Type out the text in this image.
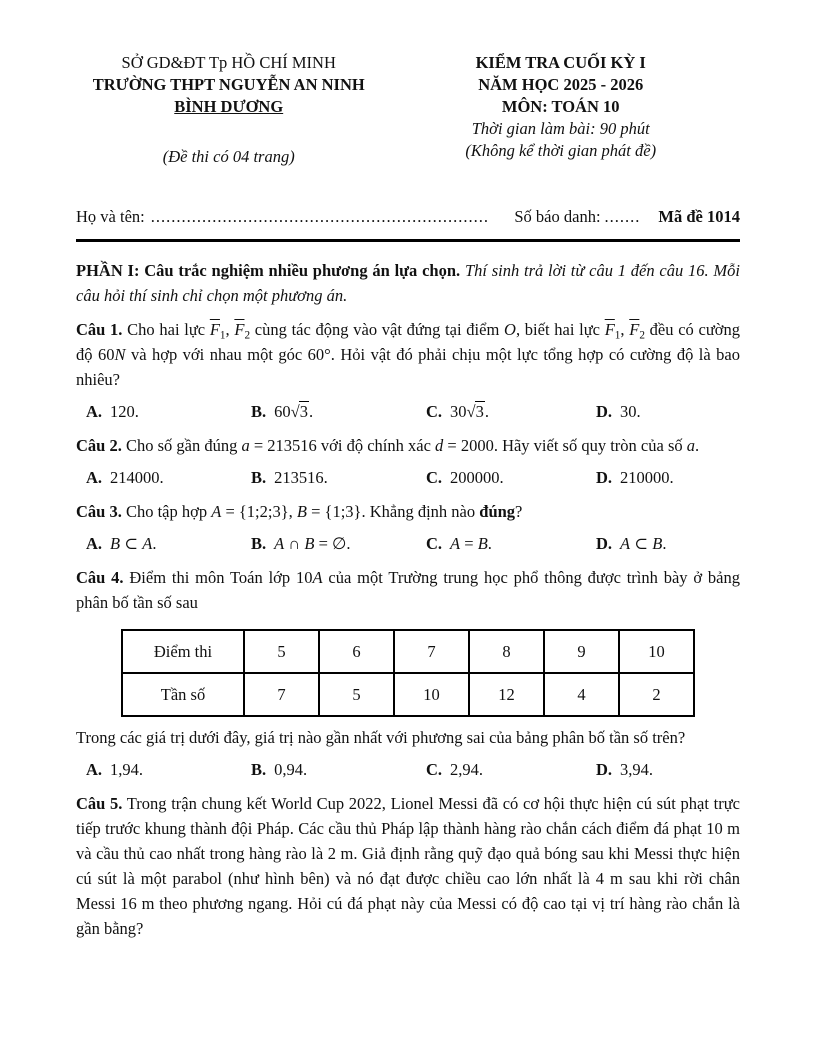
SỞ GD&ĐT Tp HỒ CHÍ MINH
TRƯỜNG THPT NGUYỄN AN NINH
BÌNH DƯƠNG
(Đề thi có 04 trang)
KIỂM TRA CUỐI KỲ I
NĂM HỌC 2025 - 2026
MÔN: TOÁN 10
Thời gian làm bài: 90 phút
(Không kể thời gian phát đề)
Họ và tên: ..................................................................	Số báo danh: ....... Mã đề 1014

PHẦN I: Câu trắc nghiệm nhiều phương án lựa chọn. Thí sinh trả lời từ câu 1 đến câu 16. Mỗi câu hỏi thí sinh chỉ chọn một phương án.

Câu 1. Cho hai lực $\overline{F}_1$, $\overline{F}_2$ cùng tác động vào vật đứng tại điểm O, biết hai lực $\overline{F}_1$, $\overline{F}_2$ đều có cường độ 60N và hợp với nhau một góc 60°. Hỏi vật đó phải chịu một lực tổng hợp có cường độ là bao nhiêu?

A. 120.	B. 60√3.	C. 30√3.	D. 30.

Câu 2. Cho số gần đúng a = 213516 với độ chính xác d = 2000. Hãy viết số quy tròn của số a.

A. 214000.	B. 213516.	C. 200000.	D. 210000.

Câu 3. Cho tập hợp A = {1;2;3}, B = {1;3}. Khẳng định nào đúng?

A. B ⊂ A.	B. A ∩ B = ∅.	C. A = B.	D. A ⊂ B.

Câu 4. Điểm thi môn Toán lớp 10A của một Trường trung học phổ thông được trình bày ở bảng phân bố tần số sau

Điểm thi	5	6	7	8	9	10
Tần số	7	5	10	12	4	2

Trong các giá trị dưới đây, giá trị nào gần nhất với phương sai của bảng phân bố tần số trên?

A. 1,94.	B. 0,94.	C. 2,94.	D. 3,94.

Câu 5. Trong trận chung kết World Cup 2022, Lionel Messi đã có cơ hội thực hiện cú sút phạt trực tiếp trước khung thành đội Pháp. Các cầu thủ Pháp lập thành hàng rào chắn cách điểm đá phạt 10 m và cầu thủ cao nhất trong hàng rào là 2 m. Giả định rằng quỹ đạo quả bóng sau khi Messi thực hiện cú sút là một parabol (như hình bên) và nó đạt được chiều cao lớn nhất là 4 m sau khi rời chân Messi 16 m theo phương ngang. Hỏi cú đá phạt này của Messi có độ cao tại vị trí hàng rào chắn là gần bằng?
